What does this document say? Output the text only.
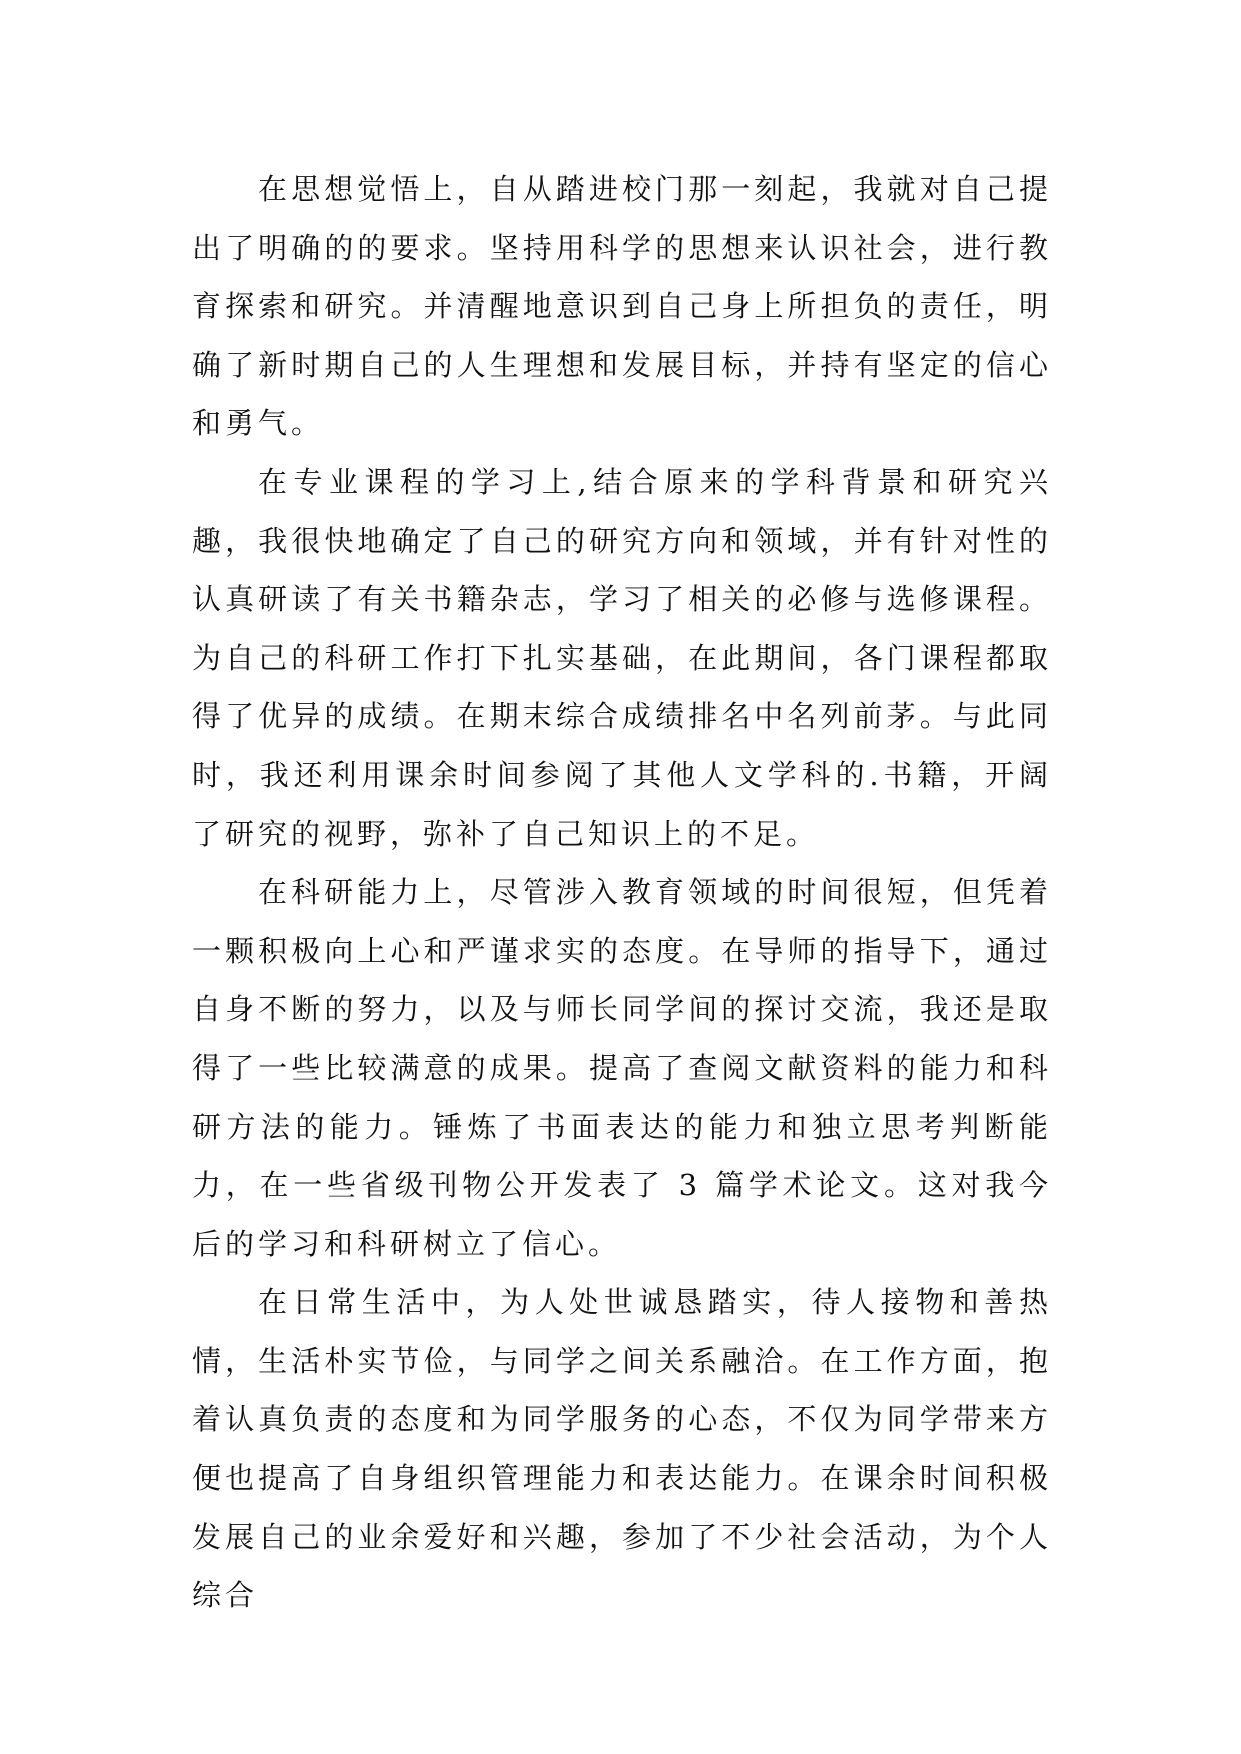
在思想觉悟上，自从踏进校门那一刻起，我就对自己提出了明确的的要求。坚持用科学的思想来认识社会，进行教育探索和研究。并清醒地意识到自己身上所担负的责任，明确了新时期自己的人生理想和发展目标，并持有坚定的信心和勇气。

在专业课程的学习上,结合原来的学科背景和研究兴趣，我很快地确定了自己的研究方向和领域，并有针对性的认真研读了有关书籍杂志，学习了相关的必修与选修课程。为自己的科研工作打下扎实基础，在此期间，各门课程都取得了优异的成绩。在期末综合成绩排名中名列前茅。与此同时，我还利用课余时间参阅了其他人文学科的.书籍，开阔了研究的视野，弥补了自己知识上的不足。

在科研能力上，尽管涉入教育领域的时间很短，但凭着一颗积极向上心和严谨求实的态度。在导师的指导下，通过自身不断的努力，以及与师长同学间的探讨交流，我还是取得了一些比较满意的成果。提高了查阅文献资料的能力和科研方法的能力。锤炼了书面表达的能力和独立思考判断能力，在一些省级刊物公开发表了 3 篇学术论文。这对我今后的学习和科研树立了信心。

在日常生活中，为人处世诚恳踏实，待人接物和善热情，生活朴实节俭，与同学之间关系融洽。在工作方面，抱着认真负责的态度和为同学服务的心态，不仅为同学带来方便也提高了自身组织管理能力和表达能力。在课余时间积极发展自己的业余爱好和兴趣，参加了不少社会活动，为个人综合
